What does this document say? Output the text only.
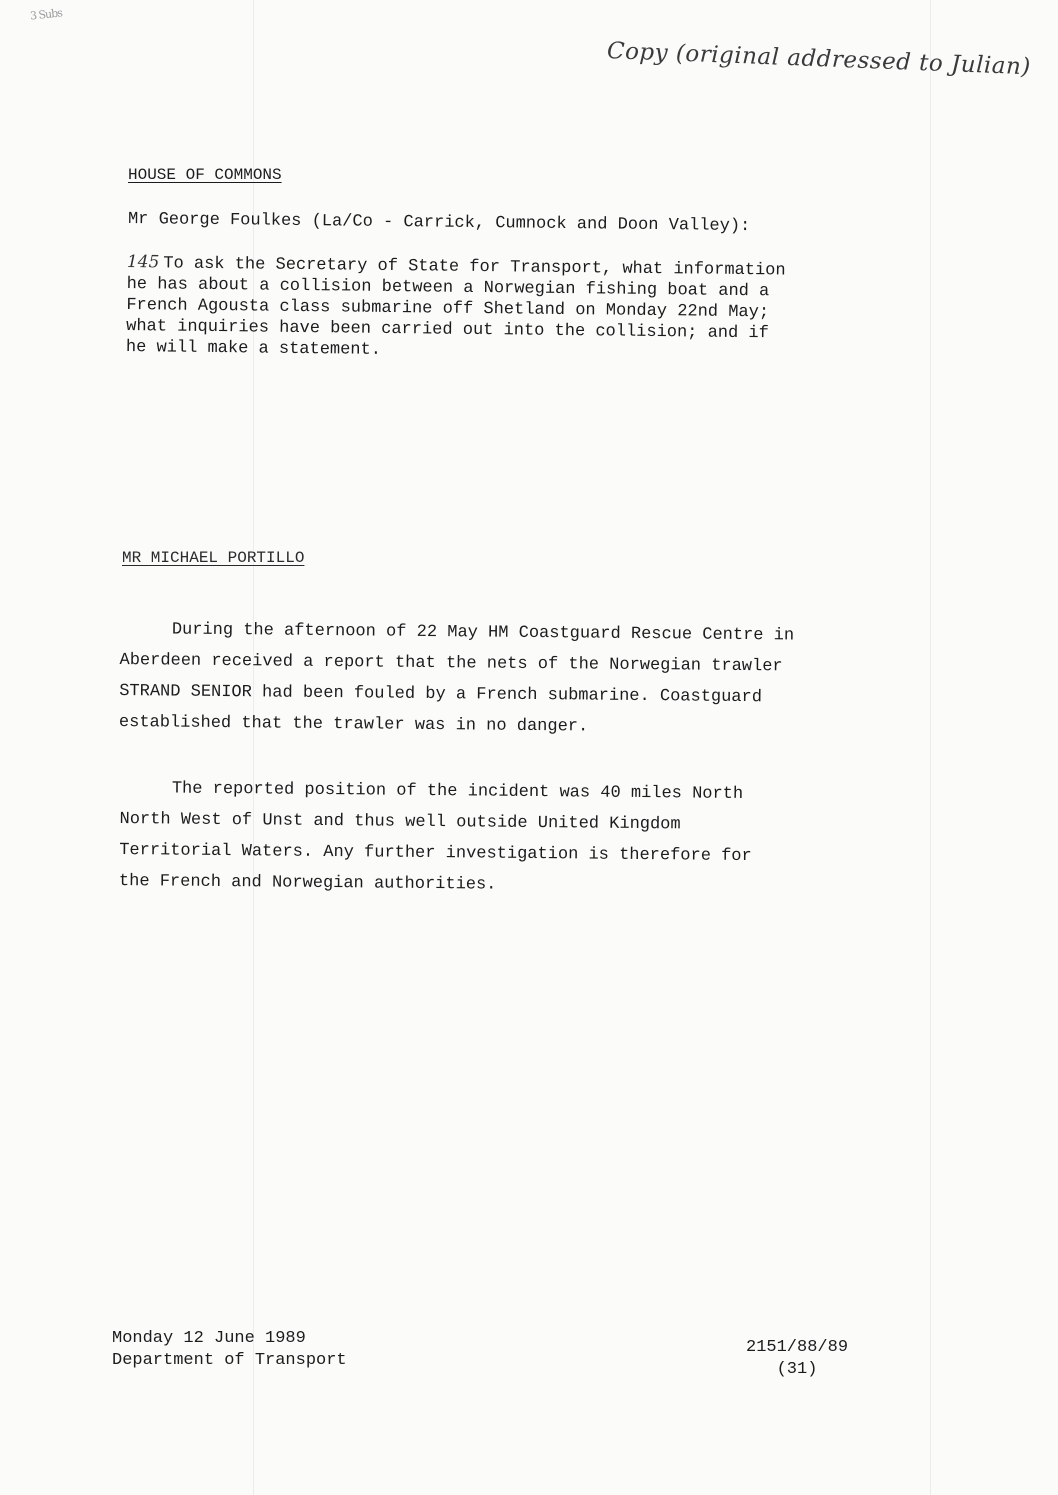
3 Subs
Copy (original addressed to Julian)
HOUSE OF COMMONS
Mr George Foulkes (La/Co - Carrick, Cumnock and Doon Valley):

145 To ask the Secretary of State for Transport, what information

he has about a collision between a Norwegian fishing boat and a

French Agousta class submarine off Shetland on Monday 22nd May;

what inquiries have been carried out into the collision; and if

he will make a statement.

MR MICHAEL PORTILLO

During the afternoon of 22 May HM Coastguard Rescue Centre in

Aberdeen received a report that the nets of the Norwegian trawler

STRAND SENIOR had been fouled by a French submarine. Coastguard

established that the trawler was in no danger.

The reported position of the incident was 40 miles North

North West of Unst and thus well outside United Kingdom

Territorial Waters. Any further investigation is therefore for

the French and Norwegian authorities.

Monday 12 June 1989

Department of Transport

2151/88/89

(31)
